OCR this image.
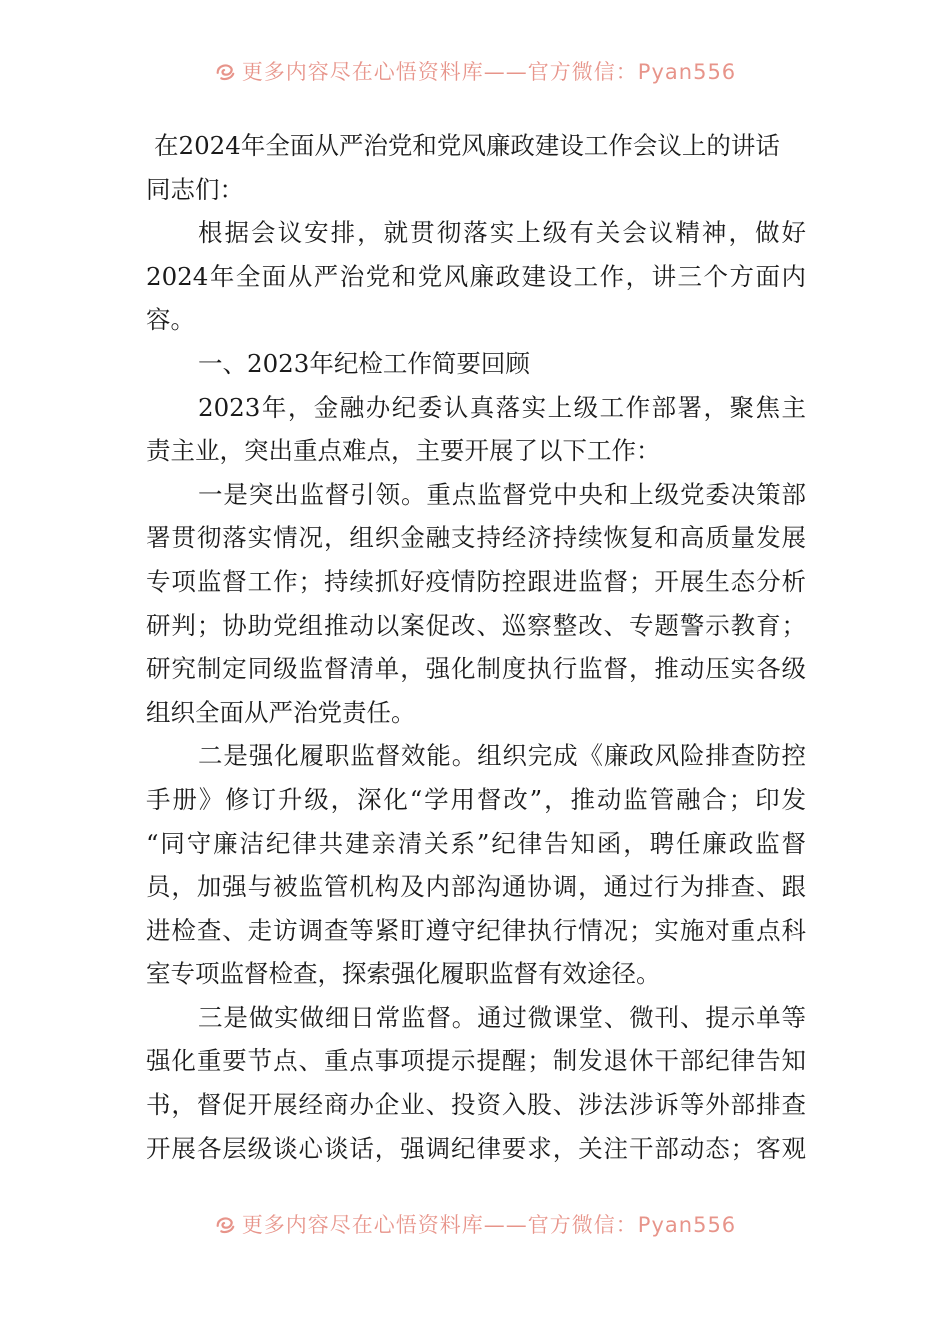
更多内容尽在心悟资料库——官方微信：Pyan556
在2024年全面从严治党和党风廉政建设工作会议上的讲话
同志们：
根据会议安排，就贯彻落实上级有关会议精神，做好
2024年全面从严治党和党风廉政建设工作，讲三个方面内
容。
一、2023年纪检工作简要回顾
2023年，金融办纪委认真落实上级工作部署，聚焦主
责主业，突出重点难点，主要开展了以下工作：
一是突出监督引领。重点监督党中央和上级党委决策部
署贯彻落实情况，组织金融支持经济持续恢复和高质量发展
专项监督工作；持续抓好疫情防控跟进监督；开展生态分析
研判；协助党组推动以案促改、巡察整改、专题警示教育；
研究制定同级监督清单，强化制度执行监督，推动压实各级
组织全面从严治党责任。
二是强化履职监督效能。组织完成《廉政风险排查防控
手册》修订升级，深化“学用督改”，推动监管融合；印发
“同守廉洁纪律共建亲清关系”纪律告知函，聘任廉政监督
员，加强与被监管机构及内部沟通协调，通过行为排查、跟
进检查、走访调查等紧盯遵守纪律执行情况；实施对重点科
室专项监督检查，探索强化履职监督有效途径。
三是做实做细日常监督。通过微课堂、微刊、提示单等
强化重要节点、重点事项提示提醒；制发退休干部纪律告知
书，督促开展经商办企业、投资入股、涉法涉诉等外部排查
开展各层级谈心谈话，强调纪律要求，关注干部动态；客观
更多内容尽在心悟资料库——官方微信：Pyan556
